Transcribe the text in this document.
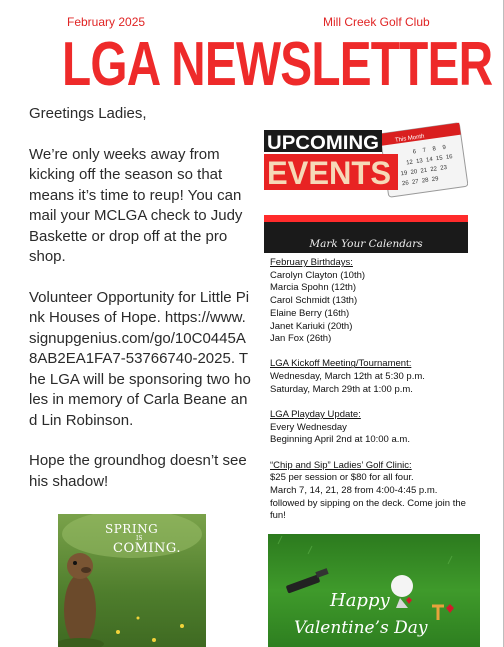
February 2025	Mill Creek Golf Club
LGA NEWSLETTER

Greetings Ladies,

We’re only weeks away from kicking off the season so that means it’s time to reup! You can mail your MCLGA check to Judy Baskette or drop off at the pro shop.

Volunteer Opportunity for Little Pink Houses of Hope. https://www.signupgenius.com/go/10C0445A8AB2EA1FA7-53766740-2025. The LGA will be sponsoring two holes in memory of Carla Beane and Lin Robinson.

Hope the groundhog doesn’t see his shadow!

6 7 8 9
12 13 14 15 16
19 20 21 22 23
26 27 28 29
This Month
UPCOMING
EVENTS
Mark Your Calendars
February Birthdays:
Carolyn Clayton (10th)
Marcia Spohn (12th)
Carol Schmidt (13th)
Elaine Berry (16th)
Janet Kariuki (20th)
Jan Fox (26th)
LGA Kickoff Meeting/Tournament:
Wednesday, March 12th at 5:30 p.m.
Saturday, March 29th at 1:00 p.m.
LGA Playday Update:
Every Wednesday
Beginning April 2nd at 10:00 a.m.
“Chip and Sip” Ladies’ Golf Clinic:
$25 per session or $80 for all four.
March 7, 14, 21, 28 from 4:00-4:45 p.m. followed by sipping on the deck. Come join the fun!
SPRING
IS
COMING.
Happy
Valentine’s Day
